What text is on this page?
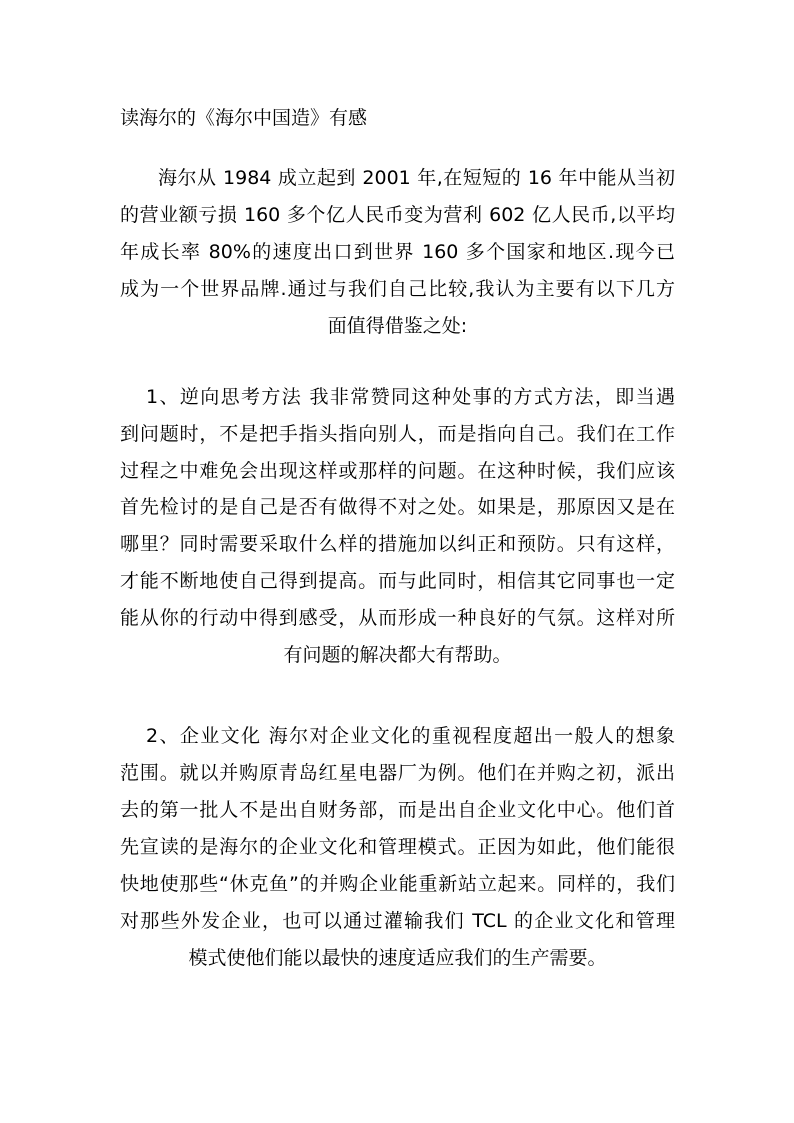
读海尔的《海尔中国造》有感
海尔从 1984 成立起到 2001 年,在短短的 16 年中能从当初
的营业额亏损 160 多个亿人民币变为营利 602 亿人民币,以平均
年成长率 80%的速度出口到世界 160 多个国家和地区.现今已
成为一个世界品牌.通过与我们自己比较,我认为主要有以下几方
面值得借鉴之处:
1、逆向思考方法 我非常赞同这种处事的方式方法，即当遇
到问题时，不是把手指头指向别人，而是指向自己。我们在工作
过程之中难免会出现这样或那样的问题。在这种时候，我们应该
首先检讨的是自己是否有做得不对之处。如果是，那原因又是在
哪里？同时需要采取什么样的措施加以纠正和预防。只有这样，
才能不断地使自己得到提高。而与此同时，相信其它同事也一定
能从你的行动中得到感受，从而形成一种良好的气氛。这样对所
有问题的解决都大有帮助。
2、企业文化 海尔对企业文化的重视程度超出一般人的想象
范围。就以并购原青岛红星电器厂为例。他们在并购之初，派出
去的第一批人不是出自财务部，而是出自企业文化中心。他们首
先宣读的是海尔的企业文化和管理模式。正因为如此，他们能很
快地使那些“休克鱼”的并购企业能重新站立起来。同样的，我们
对那些外发企业，也可以通过灌输我们 TCL 的企业文化和管理
模式使他们能以最快的速度适应我们的生产需要。
